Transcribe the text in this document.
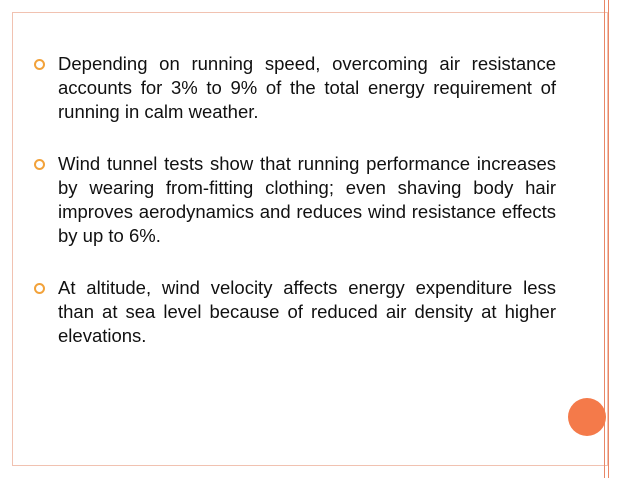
Depending on running speed, overcoming air resistance accounts for 3% to 9% of the total energy requirement of running in calm weather.
Wind tunnel tests show that running performance increases by wearing from-fitting clothing; even shaving body hair improves aerodynamics and reduces wind resistance effects by up to 6%.
At altitude, wind velocity affects energy expenditure less than at sea level because of reduced air density at higher elevations.
